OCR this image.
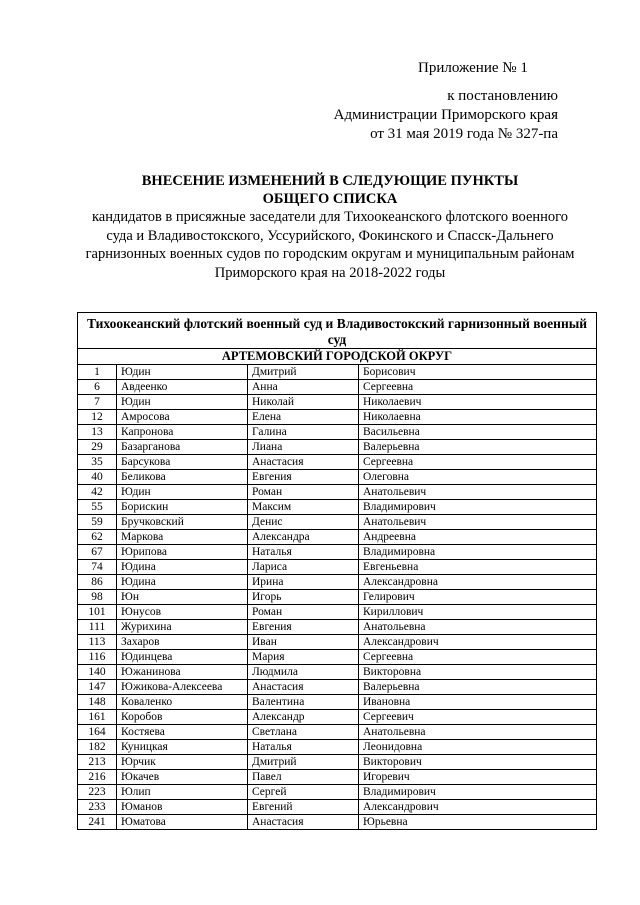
Приложение № 1
к постановлению
Администрации Приморского края
от 31 мая 2019 года № 327-па
ВНЕСЕНИЕ ИЗМЕНЕНИЙ В СЛЕДУЮЩИЕ ПУНКТЫ
ОБЩЕГО СПИСКА
кандидатов в присяжные заседатели для Тихоокеанского флотского военного
суда и Владивостокского, Уссурийского, Фокинского и Спасск-Дальнего
гарнизонных военных судов по городским округам и муниципальным районам
Приморского края на 2018-2022 годы
Тихоокеанский флотский военный суд и Владивостокский гарнизонный военный суд			
АРТЕМОВСКИЙ ГОРОДСКОЙ ОКРУГ			
1	Юдин	Дмитрий	Борисович
6	Авдеенко	Анна	Сергеевна
7	Юдин	Николай	Николаевич
12	Амросова	Елена	Николаевна
13	Капронова	Галина	Васильевна
29	Базарганова	Лиана	Валерьевна
35	Барсукова	Анастасия	Сергеевна
40	Беликова	Евгения	Олеговна
42	Юдин	Роман	Анатольевич
55	Борискин	Максим	Владимирович
59	Бручковский	Денис	Анатольевич
62	Маркова	Александра	Андреевна
67	Юрипова	Наталья	Владимировна
74	Юдина	Лариса	Евгеньевна
86	Юдина	Ирина	Александровна
98	Юн	Игорь	Гелирович
101	Юнусов	Роман	Кириллович
111	Журихина	Евгения	Анатольевна
113	Захаров	Иван	Александрович
116	Юдинцева	Мария	Сергеевна
140	Южанинова	Людмила	Викторовна
147	Южикова-Алексеева	Анастасия	Валерьевна
148	Коваленко	Валентина	Ивановна
161	Коробов	Александр	Сергеевич
164	Костяева	Светлана	Анатольевна
182	Куницкая	Наталья	Леонидовна
213	Юрчик	Дмитрий	Викторович
216	Юкачев	Павел	Игоревич
223	Юлип	Сергей	Владимирович
233	Юманов	Евгений	Александрович
241	Юматова	Анастасия	Юрьевна
